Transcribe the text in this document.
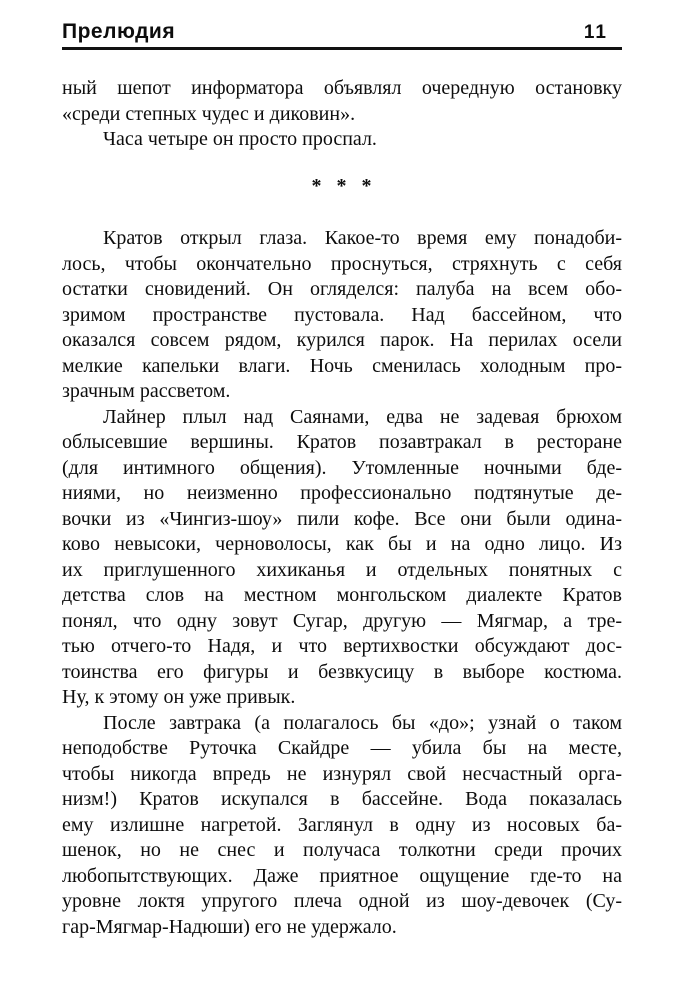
Прелюдия	11
ный шепот информатора объявлял очередную остановку
«среди степных чудес и диковин».
Часа четыре он просто проспал.
* * *
Кратов открыл глаза. Какое-то время ему понадоби-
лось, чтобы окончательно проснуться, стряхнуть с себя
остатки сновидений. Он огляделся: палуба на всем обо-
зримом пространстве пустовала. Над бассейном, что
оказался совсем рядом, курился парок. На перилах осели
мелкие капельки влаги. Ночь сменилась холодным про-
зрачным рассветом.
Лайнер плыл над Саянами, едва не задевая брюхом
облысевшие вершины. Кратов позавтракал в ресторане
(для интимного общения). Утомленные ночными бде-
ниями, но неизменно профессионально подтянутые де-
вочки из «Чингиз-шоу» пили кофе. Все они были одина-
ково невысоки, черноволосы, как бы и на одно лицо. Из
их приглушенного хихиканья и отдельных понятных с
детства слов на местном монгольском диалекте Кратов
понял, что одну зовут Сугар, другую — Мягмар, а тре-
тью отчего-то Надя, и что вертихвостки обсуждают дос-
тоинства его фигуры и безвкусицу в выборе костюма.
Ну, к этому он уже привык.
После завтрака (а полагалось бы «до»; узнай о таком
неподобстве Руточка Скайдре — убила бы на месте,
чтобы никогда впредь не изнурял свой несчастный орга-
низм!) Кратов искупался в бассейне. Вода показалась
ему излишне нагретой. Заглянул в одну из носовых ба-
шенок, но не снес и получаса толкотни среди прочих
любопытствующих. Даже приятное ощущение где-то на
уровне локтя упругого плеча одной из шоу-девочек (Су-
гар-Мягмар-Надюши) его не удержало.
